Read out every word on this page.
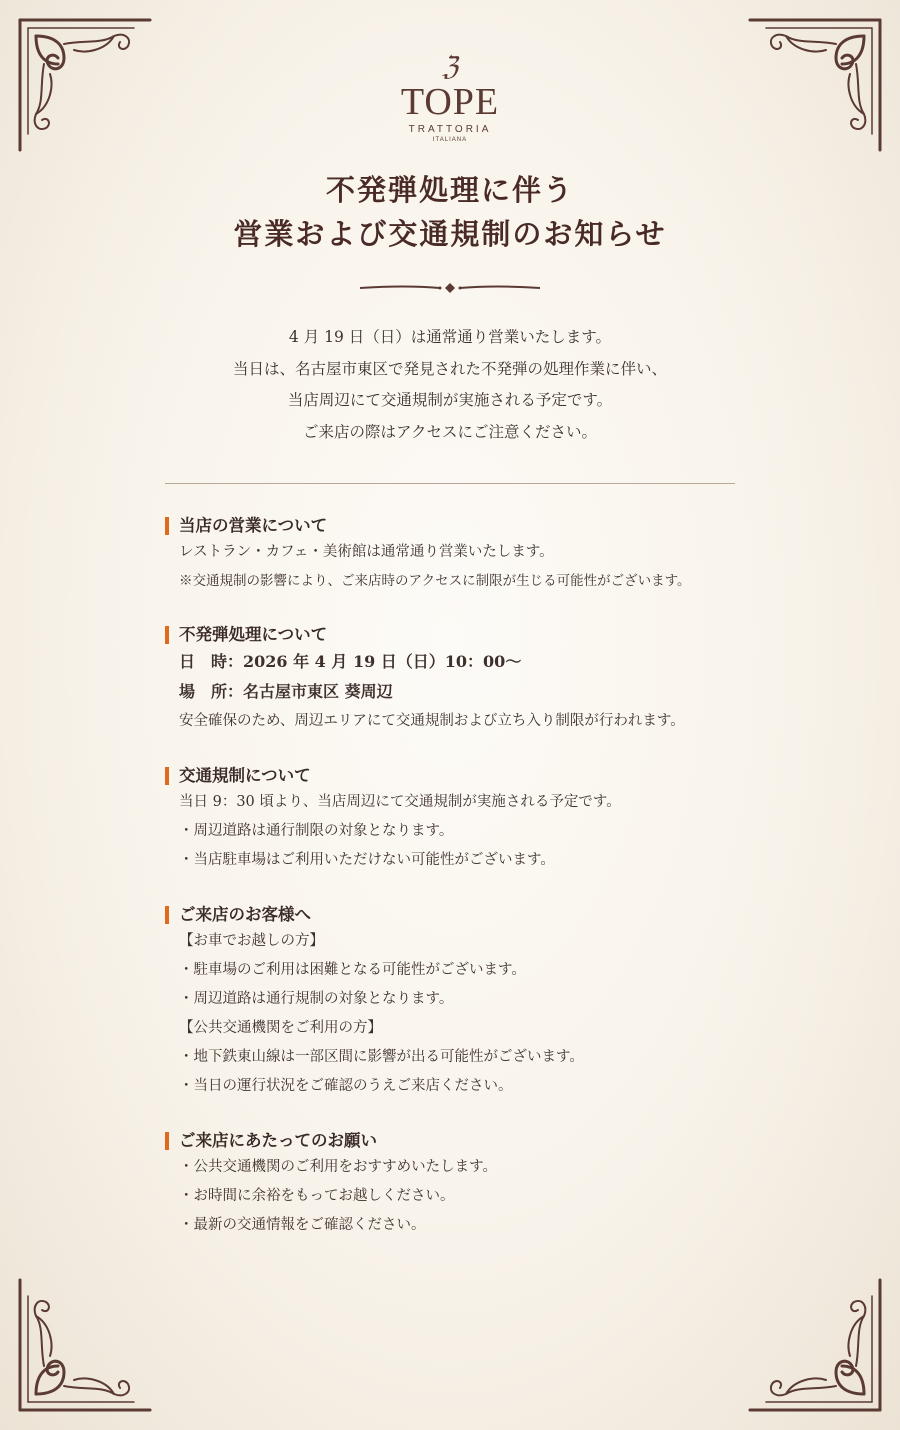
ℨ
TOPE
TRATTORIA
ITALIANA
不発弾処理に伴う
営業および交通規制のお知らせ
4 月 19 日（日）は通常通り営業いたします。
当日は、名古屋市東区で発見された不発弾の処理作業に伴い、
当店周辺にて交通規制が実施される予定です。
ご来店の際はアクセスにご注意ください。
当店の営業について
レストラン・カフェ・美術館は通常通り営業いたします。
※交通規制の影響により、ご来店時のアクセスに制限が生じる可能性がございます。
不発弾処理について
日　時：2026 年 4 月 19 日（日）10：00～
場　所：名古屋市東区 葵周辺
安全確保のため、周辺エリアにて交通規制および立ち入り制限が行われます。
交通規制について
当日 9：30 頃より、当店周辺にて交通規制が実施される予定です。
・周辺道路は通行制限の対象となります。
・当店駐車場はご利用いただけない可能性がございます。
ご来店のお客様へ
【お車でお越しの方】
・駐車場のご利用は困難となる可能性がございます。
・周辺道路は通行規制の対象となります。
【公共交通機関をご利用の方】
・地下鉄東山線は一部区間に影響が出る可能性がございます。
・当日の運行状況をご確認のうえご来店ください。
ご来店にあたってのお願い
・公共交通機関のご利用をおすすめいたします。
・お時間に余裕をもってお越しください。
・最新の交通情報をご確認ください。
